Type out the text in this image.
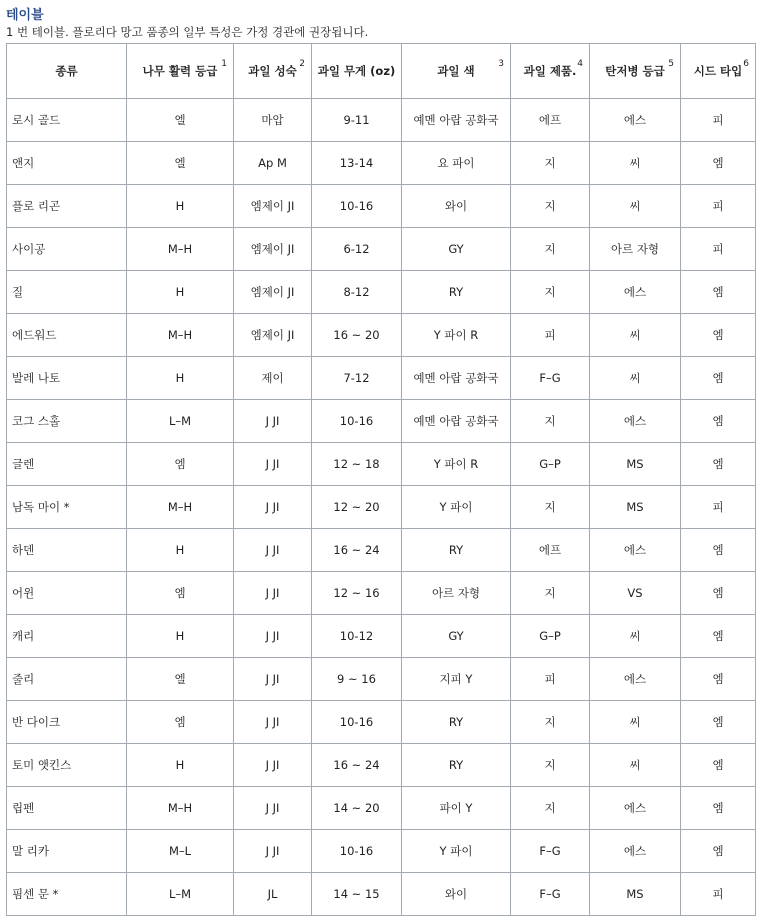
테이블
1 번 테이블. 플로리다 망고 품종의 일부 특성은 가정 경관에 권장됩니다.
종류	나무 활력 등급 1	과일 성숙 2	과일 무게 (oz)	과일 색 3	과일 제품. 4	탄저병 등급 5	시드 타입 6

로시 골드	엘	마압	9-11	예멘 아랍 공화국	에프	에스	피
앤지	엘	Ap M	13-14	요 파이	지	씨	엠
플로 리곤	H	엠제이 JI	10-16	와이	지	씨	피
사이공	M–H	엠제이 JI	6-12	GY	지	아르 자형	피
질	H	엠제이 JI	8-12	RY	지	에스	엠
에드워드	M–H	엠제이 JI	16 ~ 20	Y 파이 R	피	씨	엠
발레 나토	H	제이	7-12	예멘 아랍 공화국	F–G	씨	엠
코그 스홀	L–M	J JI	10-16	예멘 아랍 공화국	지	에스	엠
글렌	엠	J JI	12 ~ 18	Y 파이 R	G–P	MS	엠
남독 마이 *	M–H	J JI	12 ~ 20	Y 파이	지	MS	피
하덴	H	J JI	16 ~ 24	RY	에프	에스	엠
어윈	엠	J JI	12 ~ 16	아르 자형	지	VS	엠
캐리	H	J JI	10-12	GY	G–P	씨	엠
줄리	엘	J JI	9 ~ 16	지피 Y	피	에스	엠
반 다이크	엠	J JI	10-16	RY	지	씨	엠
토미 앳킨스	H	J JI	16 ~ 24	RY	지	씨	엠
립펜	M–H	J JI	14 ~ 20	파이 Y	지	에스	엠
말 리카	M–L	J JI	10-16	Y 파이	F–G	에스	엠
핌센 문 *	L–M	JL	14 ~ 15	와이	F–G	MS	피
